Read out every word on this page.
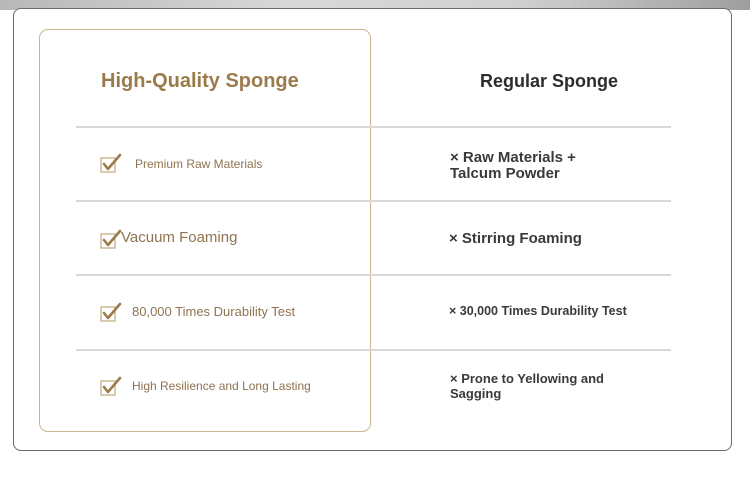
High-Quality Sponge	Regular Sponge
Premium Raw Materials	× Raw Materials +
Talcum Powder
Vacuum Foaming	× Stirring Foaming
80,000 Times Durability Test	× 30,000 Times Durability Test
High Resilience and Long Lasting	× Prone to Yellowing and
Sagging
